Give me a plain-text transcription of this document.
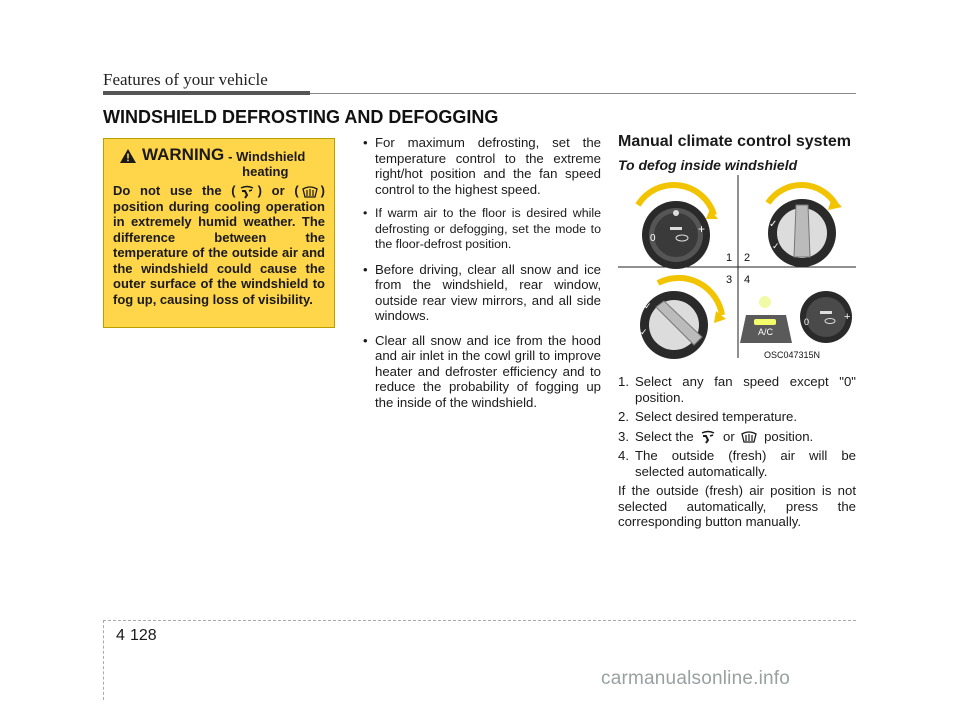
Features of your vehicle
WINDSHIELD DEFROSTING AND DEFOGGING
WARNING - Windshield
heating

Do not use the ( ) or ( ) position during cooling operation in extremely humid weather. The difference between the temperature of the outside air and the windshield could cause the outer surface of the windshield to fog up, causing loss of visibility.

• For maximum defrosting, set the temperature control to the extreme right/hot position and the fan speed control to the highest speed.
• If warm air to the floor is desired while defrosting or defogging, set the mode to the floor-defrost position.
• Before driving, clear all snow and ice from the windshield, rear window, outside rear view mirrors, and all side windows.
• Clear all snow and ice from the hood and air inlet in the cowl grill to improve heater and defroster efficiency and to reduce the probability of fogging up the inside of the windshield.
Manual climate control system
To defog inside windshield
0
+	✓
✓
1 2
3 4
✓
✓	A/C
0	+
OSC047315N
1. Select any fan speed except "0" position.
2. Select desired temperature.
3. Select the or position.
4. The outside (fresh) air will be selected automatically.

If the outside (fresh) air position is not selected automatically, press the corresponding button manually.

4 128
carmanualsonline.info
